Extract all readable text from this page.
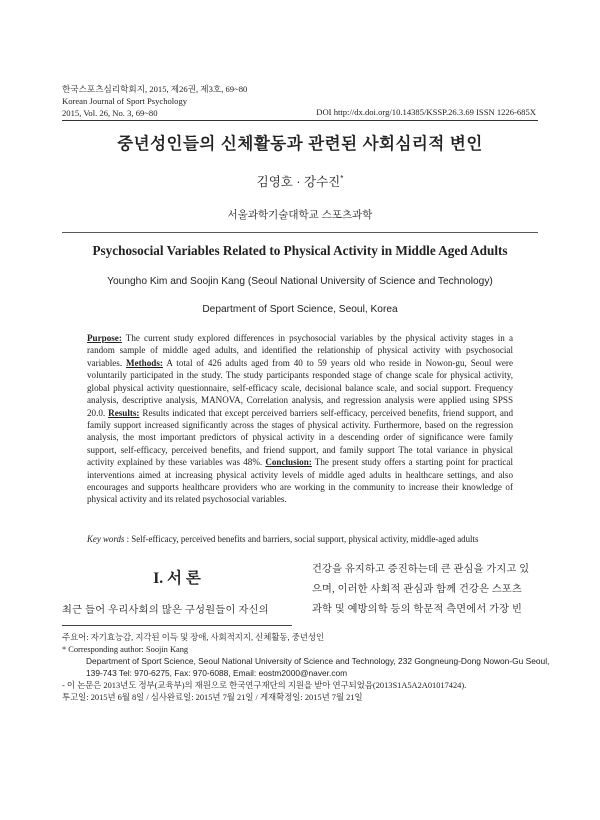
한국스포츠심리학회지, 2015, 제26권, 제3호, 69~80
Korean Journal of Sport Psychology
2015, Vol. 26, No. 3, 69~80	DOI http://dx.doi.org/10.14385/KSSP.26.3.69 ISSN 1226-685X
중년성인들의 신체활동과 관련된 사회심리적 변인
김영호 · 강수진*
서울과학기술대학교 스포츠과학
Psychosocial Variables Related to Physical Activity in Middle Aged Adults
Youngho Kim and Soojin Kang (Seoul National University of Science and Technology)
Department of Sport Science, Seoul, Korea
Purpose: The current study explored differences in psychosocial variables by the physical activity stages in a random sample of middle aged adults, and identified the relationship of physical activity with psychosocial variables. Methods: A total of 426 adults aged from 40 to 59 years old who reside in Nowon-gu, Seoul were voluntarily participated in the study. The study participants responded stage of change scale for physical activity, global physical activity questionnaire, self-efficacy scale, decisional balance scale, and social support. Frequency analysis, descriptive analysis, MANOVA, Correlation analysis, and regression analysis were applied using SPSS 20.0. Results: Results indicated that except perceived barriers self-efficacy, perceived benefits, friend support, and family support increased significantly across the stages of physical activity. Furthermore, based on the regression analysis, the most important predictors of physical activity in a descending order of significance were family support, self-efficacy, perceived benefits, and friend support, and family support The total variance in physical activity explained by these variables was 48%. Conclusion: The present study offers a starting point for practical interventions aimed at increasing physical activity levels of middle aged adults in healthcare settings, and also encourages and supports healthcare providers who are working in the community to increase their knowledge of physical activity and its related psychosocial variables.
Key words : Self-efficacy, perceived benefits and barriers, social support, physical activity, middle-aged adults
I. 서 론
최근 들어 우리사회의 많은 구성원들이 자신의
건강을 유지하고 증진하는데 큰 관심을 가지고 있
으며, 이러한 사회적 관심과 함께 건강은 스포츠
과학 및 예방의학 등의 학문적 측면에서 가장 빈
주요어: 자기효능감, 지각된 이득 및 장애, 사회적지지, 신체활동, 중년성인
* Corresponding author: Soojin Kang
Department of Sport Science, Seoul National University of Science and Technology, 232 Gongneung-Dong Nowon-Gu Seoul,
139-743 Tel: 970-6275, Fax: 970-6088, Email: eostm2000@naver.com
- 이 논문은 2013년도 정부(교육부)의 재원으로 한국연구재단의 지원을 받아 연구되었음(2013S1A5A2A01017424).
투고일: 2015년 6월 8일 / 심사완료일: 2015년 7월 21일 / 게재확정일: 2015년 7월 21일
